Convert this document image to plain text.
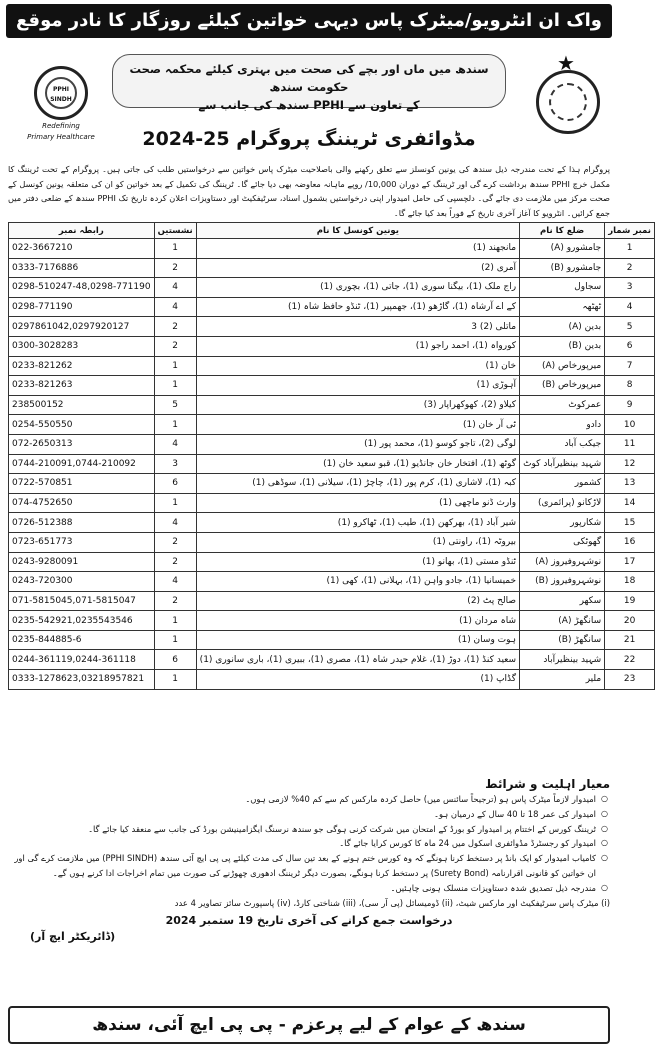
واک ان انٹرویو/میٹرک پاس دیہی خواتین کیلئے روزگار کا نادر موقع
PPHI SINDH
Redefining
Primary Healthcare
سندھ میں ماں اور بچے کی صحت میں بہتری کیلئے محکمہ صحت حکومت سندھ
کے تعاون سے PPHI سندھ کی جانب سے
مڈوائفری ٹریننگ پروگرام 25-2024
★
پروگرام ہذا کے تحت مندرجہ ذیل سندھ کی یونین کونسلز سے تعلق رکھنے والی باصلاحیت میٹرک پاس خواتین سے درخواستیں طلب کی جاتی ہیں۔ پروگرام کے تحت ٹریننگ کا مکمل خرچ PPHI سندھ برداشت کرے گی اور ٹریننگ کے دوران 10,000/ روپے ماہانہ معاوضہ بھی دیا جائے گا۔ ٹریننگ کی تکمیل کے بعد خواتین کو ان کی متعلقہ یونین کونسل کے صحت مرکز میں ملازمت دی جائے گی۔ دلچسپی کی حامل امیدوار اپنی درخواستیں بشمول اسناد، سرٹیفکیٹ اور دستاویزات اعلان کردہ تاریخ تک PPHI سندھ کے ضلعی دفتر میں جمع کرائیں۔ انٹرویو کا آغاز آخری تاریخ کے فوراً بعد کیا جائے گا۔
نمبر شمار	ضلع کا نام	یونین کونسل کا نام	نشستیں	رابطہ نمبر
1	جامشورو (A)	مانجھند (1)	1	022-3667210
2	جامشورو (B)	آمری (2)	2	0333-7176886
3	سجاول	راج ملک (1)، بیگنا سوری (1)، جاتی (1)، بچوری (1)	4	0298-510247-48,0298-771190
4	ٹھٹھہ	کے اے آرشاہ (1)، گاڑھو (1)، جھمپیر (1)، ٹنڈو حافظ شاہ (1)	4	0298-771190
5	بدین (A)	ماتلی (2) 3	2	0297861042,0297920127
6	بدین (B)	کورواہ (1)، احمد راجو (1)	2	0300-3028283
7	میرپورخاص (A)	خان (1)	1	0233-821262
8	میرپورخاص (B)	آہوڑی (1)	1	0233-821263
9	عمرکوٹ	کیلاو (2)، کھوکھراپار (3)	5	238500152
10	دادو	ٹی آر خان (1)	1	0254-550550
11	جیکب آباد	لوگی (2)، تاجو کوسو (1)، محمد پور (1)	4	072-2650313
12	شہید بینظیرآباد کوٹ	گوٹھ (1)، افتخار خان جانڈیو (1)، قبو سعید خان (1)	3	0744-210091,0744-210092
13	کشمور	کبہ (1)، لاشاری (1)، کرم پور (1)، چاچڑ (1)، سیلانی (1)، سوڈھی (1)	6	0722-570851
14	لاڑکانو (پرائمری)	وارث ڈنو ماچھی (1)	1	074-4752650
15	شکارپور	شیر آباد (1)، بھرکھن (1)، طیب (1)، ٹھاکرو (1)	4	0726-512388
16	گھوٹکی	بیروٹہ (1)، راونتی (1)	2	0723-651773
17	نوشہروفیروز (A)	ٹنڈو مستی (1)، بھانو (1)	2	0243-9280091
18	نوشہروفیروز (B)	خمیسانیا (1)، جادو واہن (1)، بہلانی (1)، کھی (1)	4	0243-720300
19	سکھر	صالح پٹ (2)	2	071-5815045,071-5815047
20	سانگھڑ (A)	شاہ مردان (1)	1	0235-542921,0235543546
21	سانگھڑ (B)	ہوت وسان (1)	1	0235-844885-6
22	شہید بینظیرآباد	سعید کنڈ (1)، دوڑ (1)، غلام حیدر شاہ (1)، مصری (1)، ببیری (1)، باری سانوری (1)	6	0244-361119,0244-361118
23	ملیر	گڈاپ (1)	1	0333-1278623,03218957821
معیار اہلیت و شرائط
○ امیدوار لازماً میٹرک پاس ہو (ترجیحاً سائنس میں) حاصل کردہ مارکس کم سے کم 40% لازمی ہوں۔
○ امیدوار کی عمر 18 تا 40 سال کے درمیان ہو۔
○ ٹریننگ کورس کے اختتام پر امیدوار کو بورڈ کے امتحان میں شرکت کرنی ہوگی جو سندھ نرسنگ ایگزامینیشن بورڈ کی جانب سے منعقد کیا جائے گا۔
○ امیدوار کو رجسٹرڈ مڈوائفری اسکول میں 24 ماہ کا کورس کرایا جائے گا۔
○ کامیاب امیدوار کو ایک بانڈ پر دستخط کرنا ہونگے کہ وہ کورس ختم ہونے کے بعد تین سال کی مدت کیلئے پی پی ایچ آئی سندھ (PPHI SINDH) میں ملازمت کرے گی اور ان خواتین کو قانونی اقرارنامہ (Surety Bond) پر دستخط کرنا ہونگے، بصورت دیگر ٹریننگ ادھوری چھوڑنے کی صورت میں تمام اخراجات ادا کرنے ہوں گے۔
○ مندرجہ ذیل تصدیق شدہ دستاویزات منسلک ہونی چاہئیں۔
(i) میٹرک پاس سرٹیفکیٹ اور مارکس شیٹ، (ii) ڈومیسائل (پی آر سی)، (iii) شناختی کارڈ، (iv) پاسپورٹ سائز تصاویر 4 عدد
درخواست جمع کرانے کی آخری تاریخ 19 ستمبر 2024
(ڈائریکٹر ایچ آر)
سندھ کے عوام کے لیے پرعزم - پی پی ایچ آئی، سندھ
